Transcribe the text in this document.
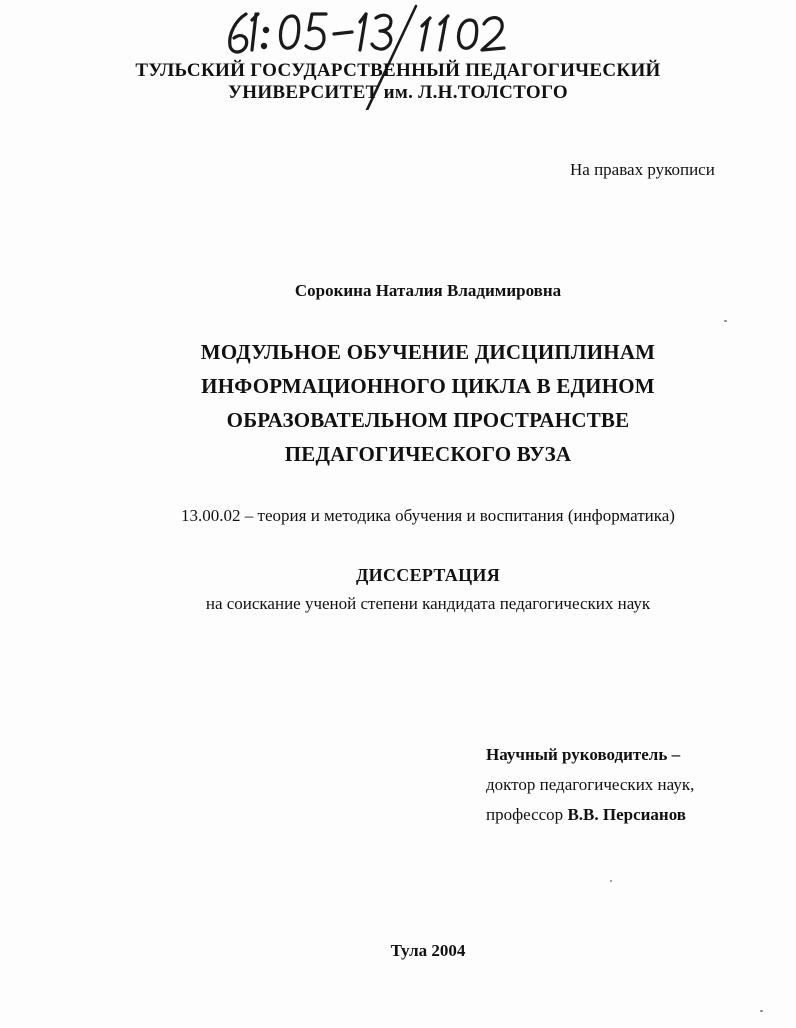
ТУЛЬСКИЙ ГОСУДАРСТВЕННЫЙ ПЕДАГОГИЧЕСКИЙ
УНИВЕРСИТЕТ им. Л.Н.ТОЛСТОГО
На правах рукописи
Сорокина Наталия Владимировна
МОДУЛЬНОЕ ОБУЧЕНИЕ ДИСЦИПЛИНАМ
ИНФОРМАЦИОННОГО ЦИКЛА В ЕДИНОМ
ОБРАЗОВАТЕЛЬНОМ ПРОСТРАНСТВЕ
ПЕДАГОГИЧЕСКОГО ВУЗА
13.00.02 – теория и методика обучения и воспитания (информатика)
ДИССЕРТАЦИЯ
на соискание ученой степени кандидата педагогических наук
Научный руководитель –
доктор педагогических наук,
профессор В.В. Персианов
Тула 2004
